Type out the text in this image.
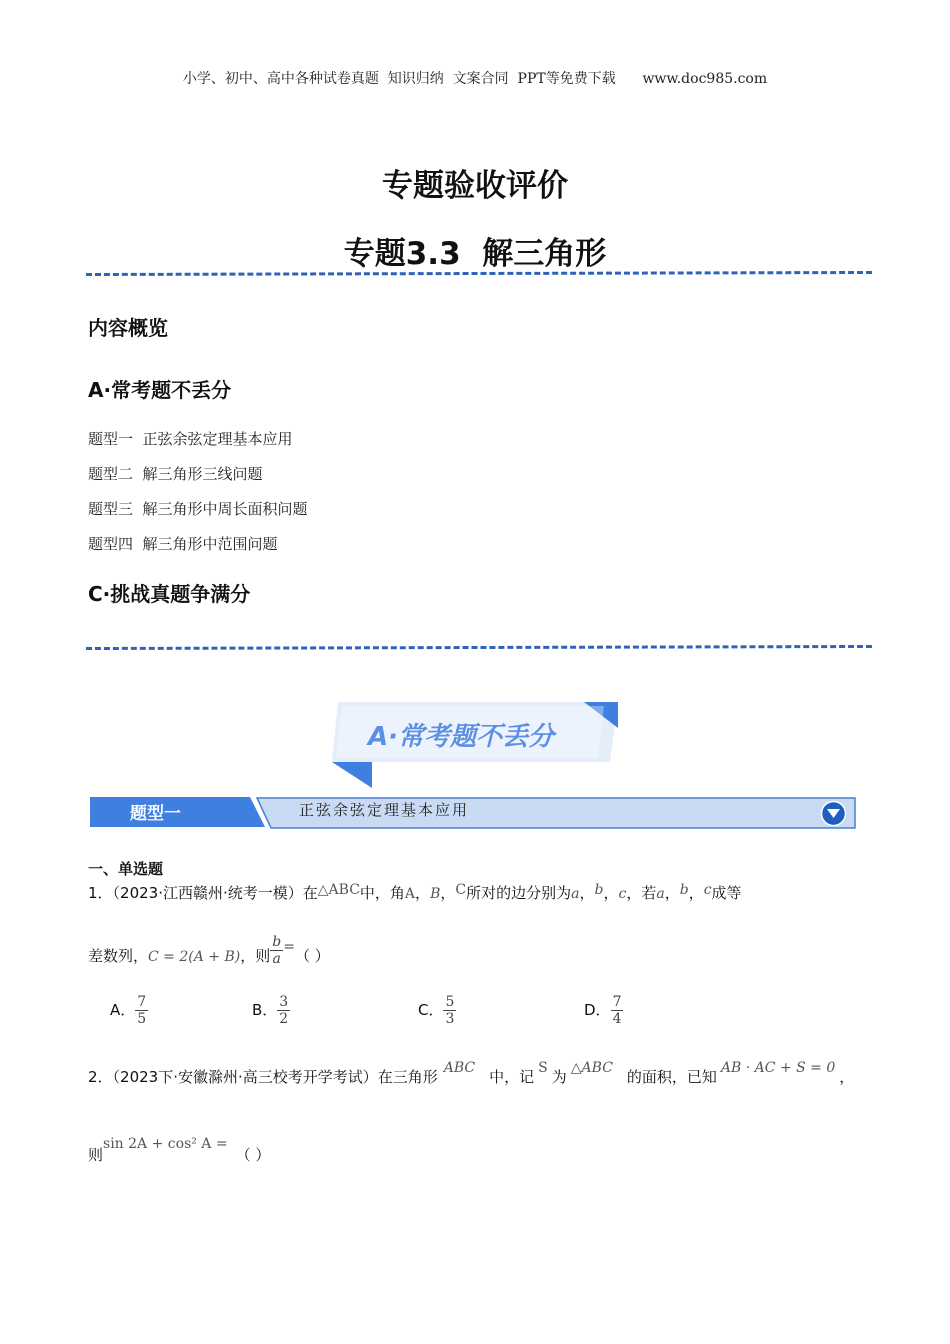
小学、初中、高中各种试卷真题  知识归纳  文案合同  PPT等免费下载      www.doc985.com
专题验收评价
专题3.3  解三角形
内容概览
A·常考题不丢分
题型一  正弦余弦定理基本应用
题型二  解三角形三线问题
题型三  解三角形中周长面积问题
题型四  解三角形中范围问题
C·挑战真题争满分
A·常考题不丢分
正弦余弦定理基本应用
题型一
一、单选题
1．（2023·江西赣州·统考一模）在△ABC中，角A，B，C所对的边分别为a，b，c，若a，b，c成等
差数列，C = 2(A + B)，则 $\frac{b}{a}$ =（ ）
A． $\frac{7}{5}$	B． $\frac{3}{2}$	C． $\frac{5}{3}$	D． $\frac{7}{4}$
2．（2023下·安徽滁州·高三校考开学考试）在三角形 ABC 中，记 S 为 △ABC 的面积，已知 AB · AC + S = 0 ，
则sin 2A + cos² A =（ ）
